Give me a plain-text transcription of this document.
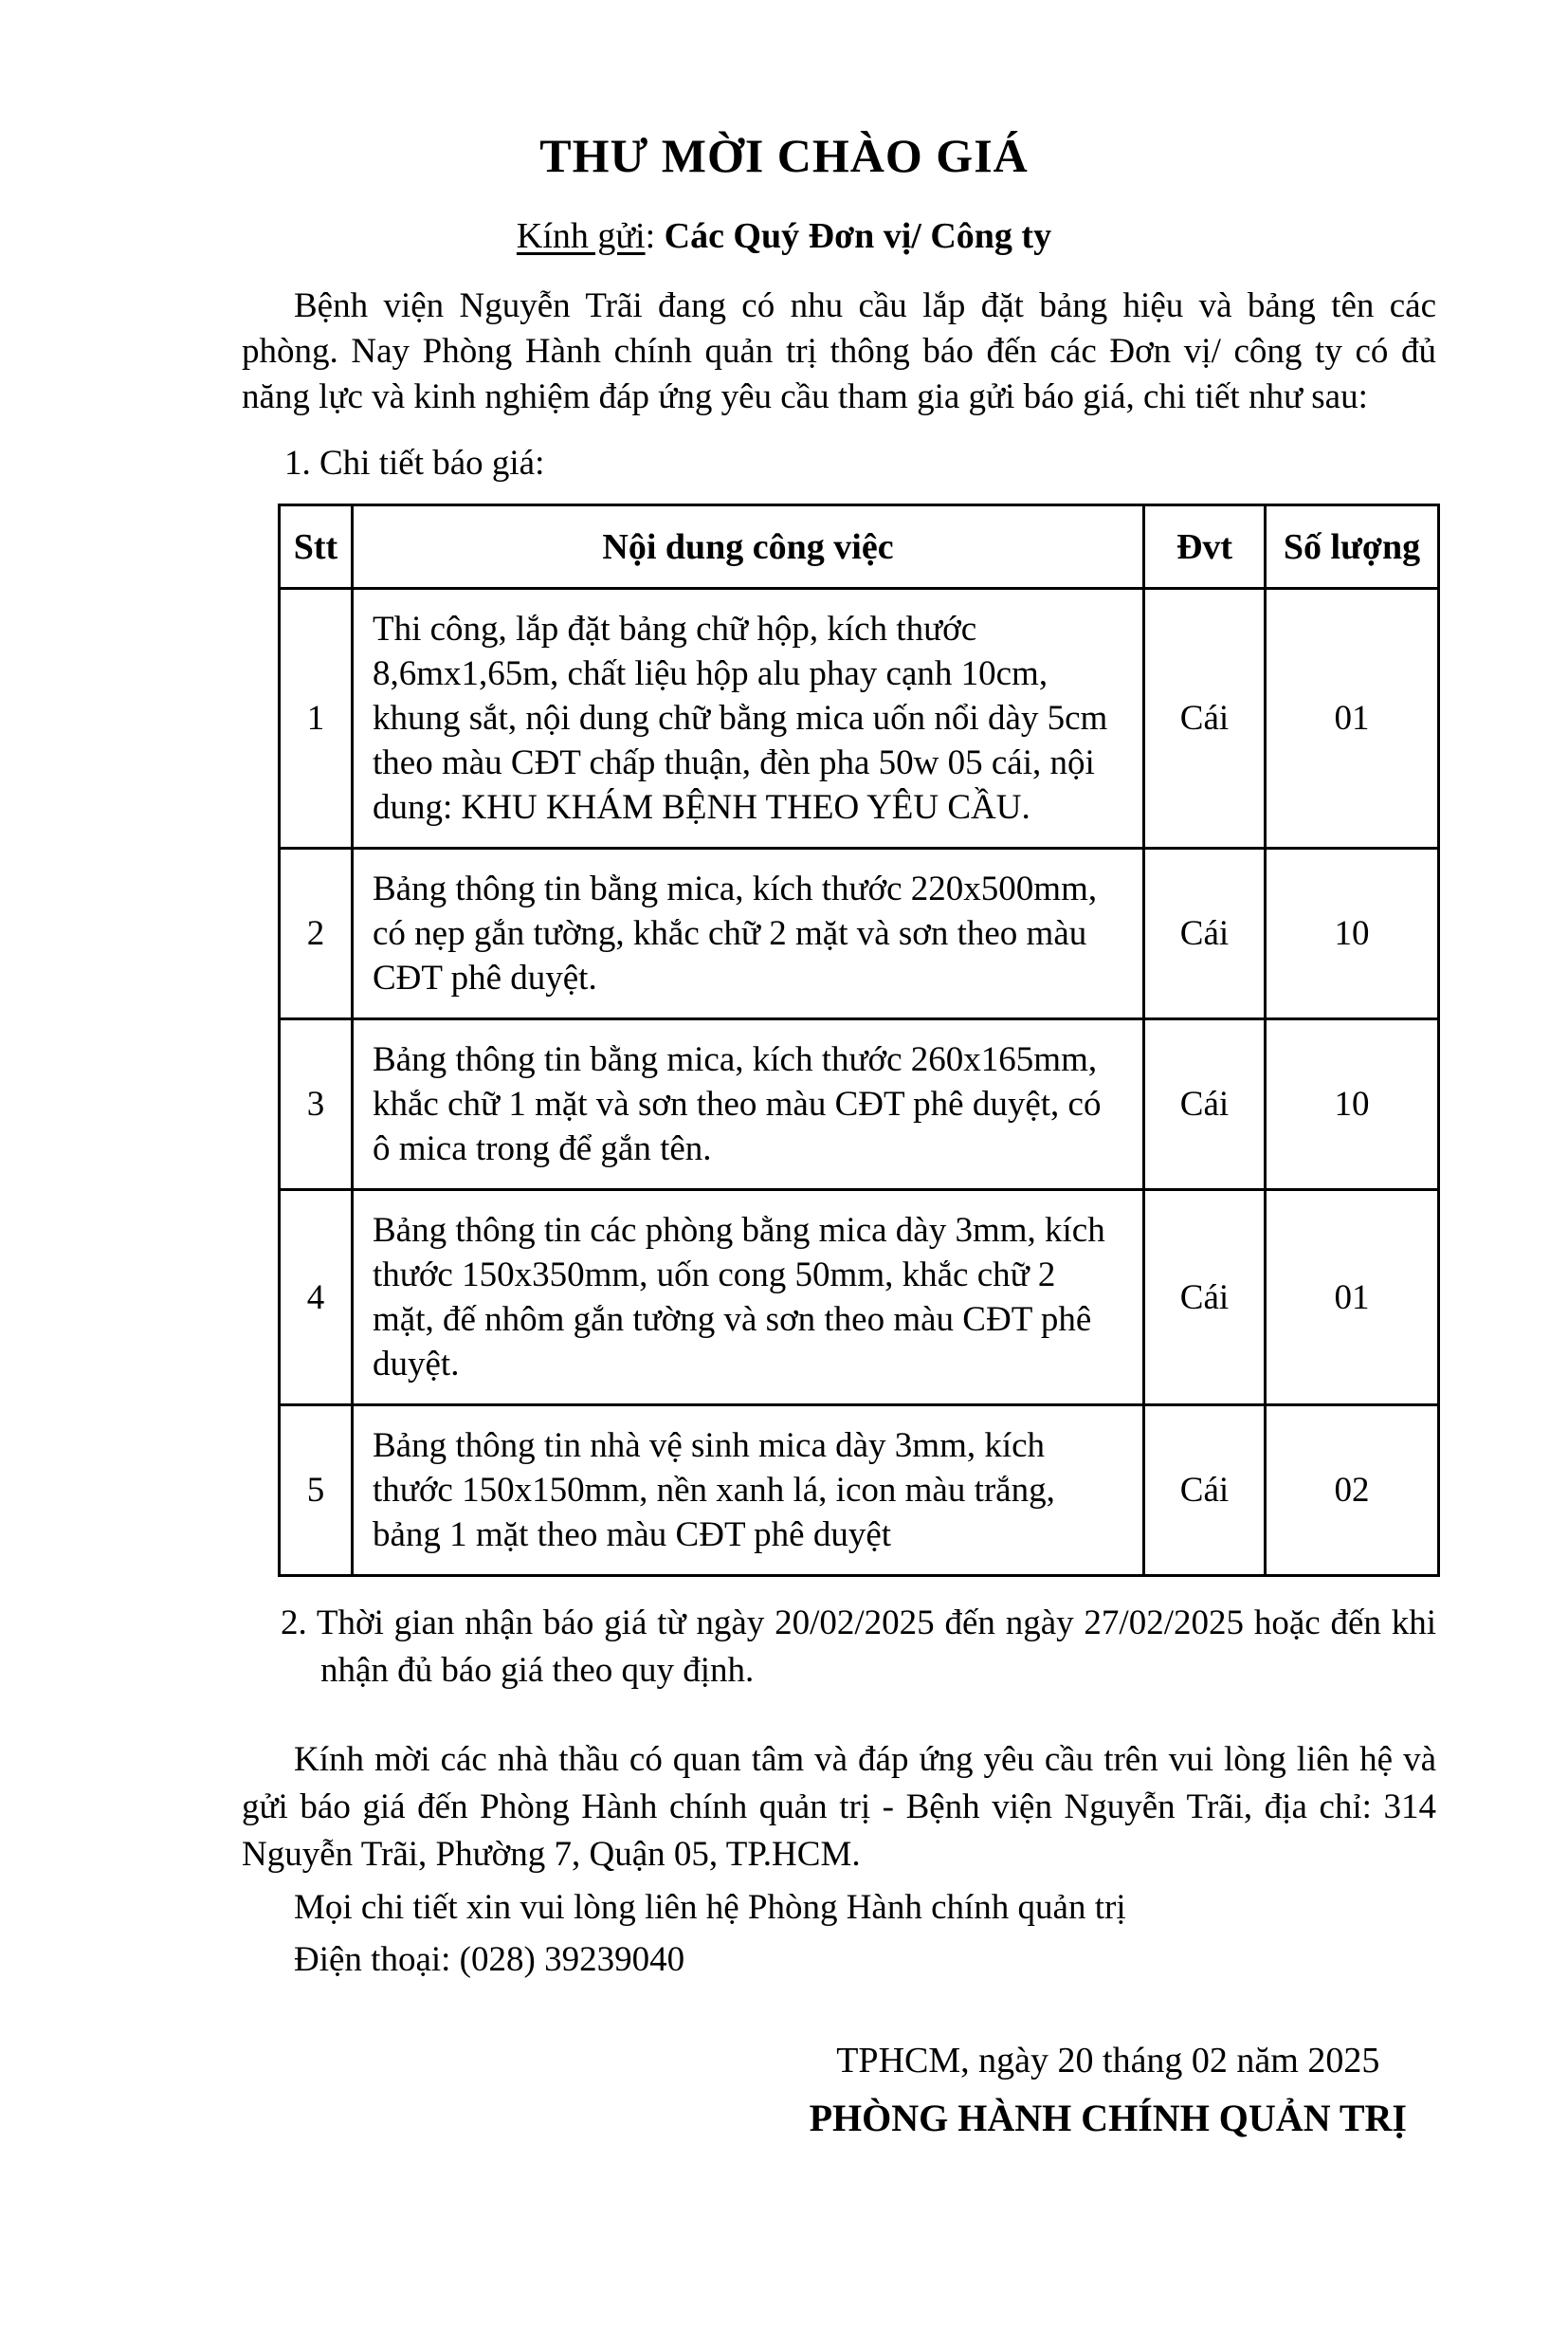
THƯ MỜI CHÀO GIÁ
Kính gửi: Các Quý Đơn vị/ Công ty

Bệnh viện Nguyễn Trãi đang có nhu cầu lắp đặt bảng hiệu và bảng tên các phòng. Nay Phòng Hành chính quản trị thông báo đến các Đơn vị/ công ty có đủ năng lực và kinh nghiệm đáp ứng yêu cầu tham gia gửi báo giá, chi tiết như sau:

1. Chi tiết báo giá:

Stt	Nội dung công việc	Đvt	Số lượng
1	Thi công, lắp đặt bảng chữ hộp, kích thước 8,6mx1,65m, chất liệu hộp alu phay cạnh 10cm, khung sắt, nội dung chữ bằng mica uốn nổi dày 5cm theo màu CĐT chấp thuận, đèn pha 50w 05 cái, nội dung: KHU KHÁM BỆNH THEO YÊU CẦU.	Cái	01
2	Bảng thông tin bằng mica, kích thước 220x500mm, có nẹp gắn tường, khắc chữ 2 mặt và sơn theo màu CĐT phê duyệt.	Cái	10
3	Bảng thông tin bằng mica, kích thước 260x165mm, khắc chữ 1 mặt và sơn theo màu CĐT phê duyệt, có ô mica trong để gắn tên.	Cái	10
4	Bảng thông tin các phòng bằng mica dày 3mm, kích thước 150x350mm, uốn cong 50mm, khắc chữ 2 mặt, đế nhôm gắn tường và sơn theo màu CĐT phê duyệt.	Cái	01
5	Bảng thông tin nhà vệ sinh mica dày 3mm, kích thước 150x150mm, nền xanh lá, icon màu trắng, bảng 1 mặt theo màu CĐT phê duyệt	Cái	02

2. Thời gian nhận báo giá từ ngày 20/02/2025 đến ngày 27/02/2025 hoặc đến khi nhận đủ báo giá theo quy định.

Kính mời các nhà thầu có quan tâm và đáp ứng yêu cầu trên vui lòng liên hệ và gửi báo giá đến Phòng Hành chính quản trị - Bệnh viện Nguyễn Trãi, địa chỉ: 314 Nguyễn Trãi, Phường 7, Quận 05, TP.HCM.

Mọi chi tiết xin vui lòng liên hệ Phòng Hành chính quản trị

Điện thoại: (028) 39239040

TPHCM, ngày 20 tháng 02 năm 2025
PHÒNG HÀNH CHÍNH QUẢN TRỊ
